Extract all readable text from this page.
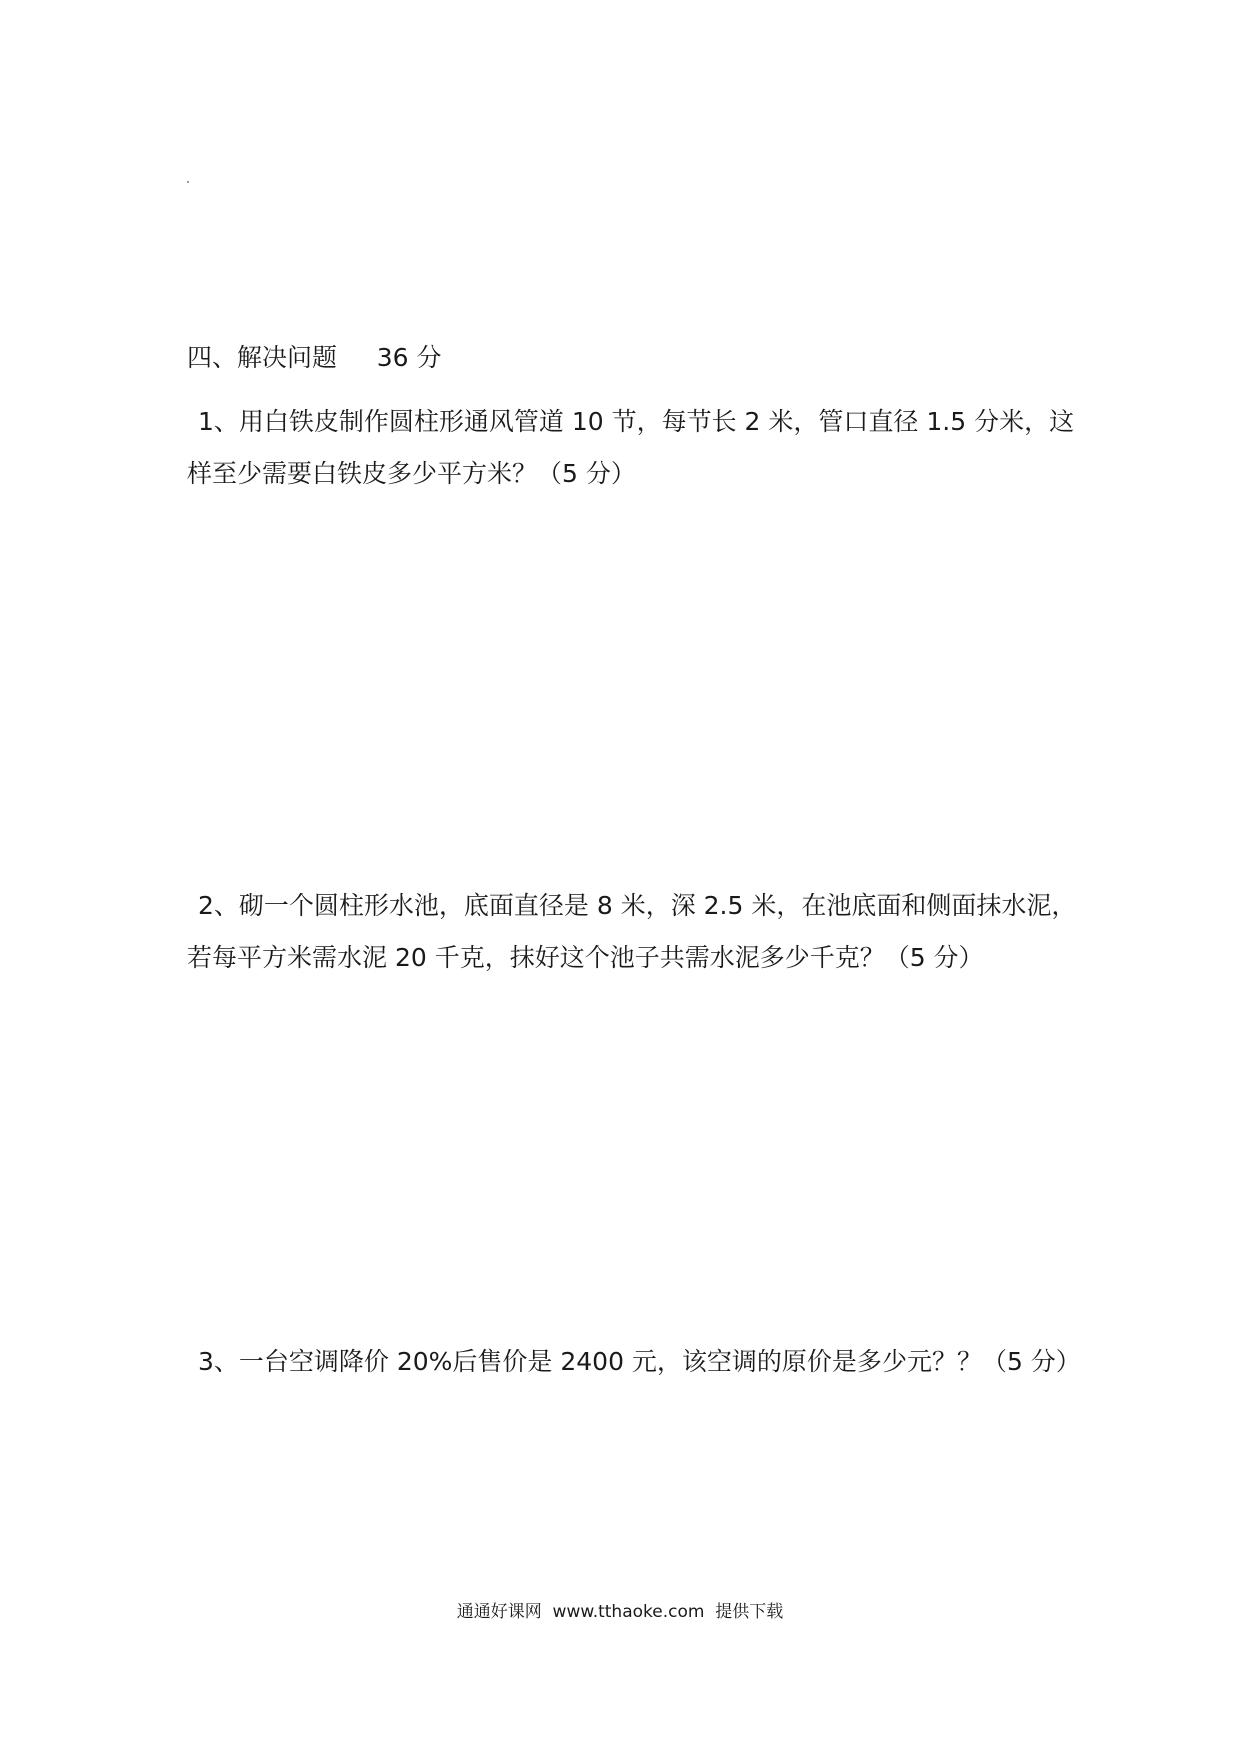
四、解决问题     36 分

1、用白铁皮制作圆柱形通风管道 10 节，每节长 2 米，管口直径 1.5 分米，这

样至少需要白铁皮多少平方米？（5 分）

2、砌一个圆柱形水池，底面直径是 8 米，深 2.5 米，在池底面和侧面抹水泥，

若每平方米需水泥 20 千克，抹好这个池子共需水泥多少千克？（5 分）

3、一台空调降价 20%后售价是 2400 元，该空调的原价是多少元？？（5 分）

通通好课网  www.tthaoke.com  提供下载
